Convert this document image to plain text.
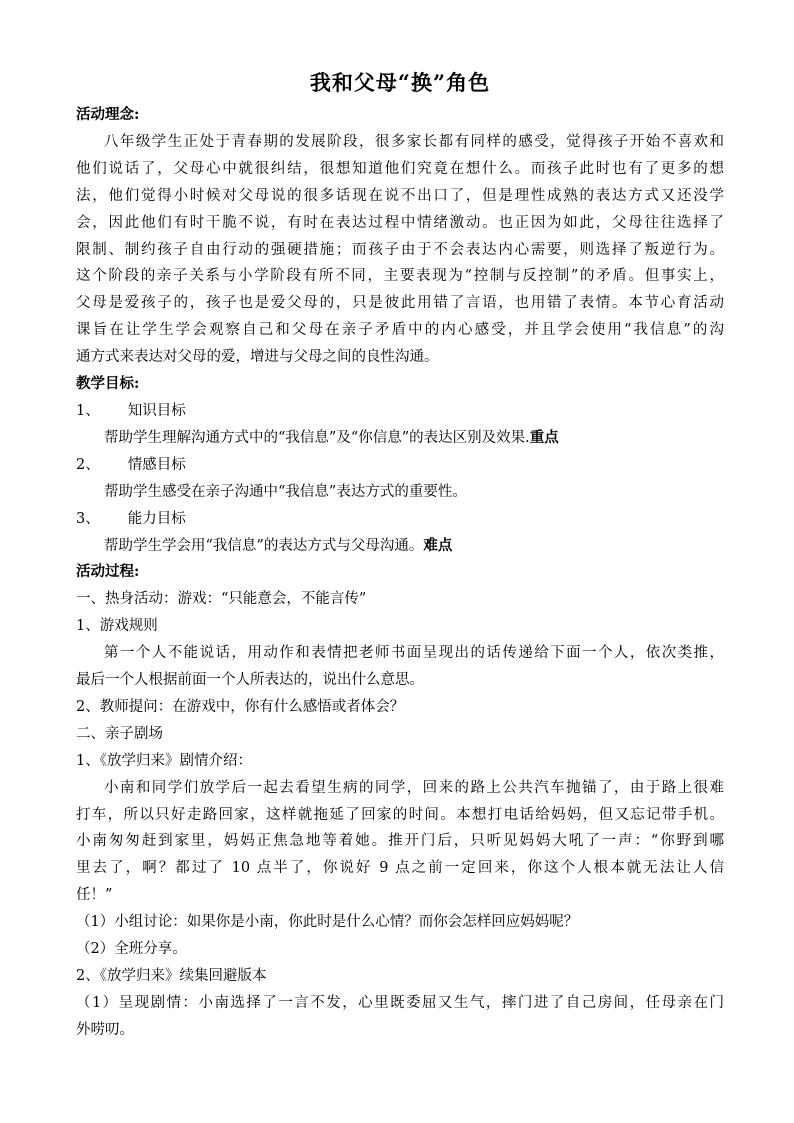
我和父母“换”角色
活动理念:
八年级学生正处于青春期的发展阶段，很多家长都有同样的感受，觉得孩子开始不喜欢和
他们说话了，父母心中就很纠结，很想知道他们究竟在想什么。而孩子此时也有了更多的想
法，他们觉得小时候对父母说的很多话现在说不出口了，但是理性成熟的表达方式又还没学
会，因此他们有时干脆不说，有时在表达过程中情绪激动。也正因为如此，父母往往选择了
限制、制约孩子自由行动的强硬措施；而孩子由于不会表达内心需要，则选择了叛逆行为。
这个阶段的亲子关系与小学阶段有所不同，主要表现为“控制与反控制”的矛盾。但事实上，
父母是爱孩子的，孩子也是爱父母的，只是彼此用错了言语，也用错了表情。本节心育活动
课旨在让学生学会观察自己和父母在亲子矛盾中的内心感受，并且学会使用“我信息”的沟
通方式来表达对父母的爱，增进与父母之间的良性沟通。
教学目标:
1、 知识目标
帮助学生理解沟通方式中的“我信息”及“你信息”的表达区别及效果.重点
2、 情感目标
帮助学生感受在亲子沟通中“我信息”表达方式的重要性。
3、 能力目标
帮助学生学会用“我信息”的表达方式与父母沟通。难点
活动过程:
一、热身活动：游戏：“只能意会，不能言传”
1、游戏规则
第一个人不能说话，用动作和表情把老师书面呈现出的话传递给下面一个人，依次类推，
最后一个人根据前面一个人所表达的，说出什么意思。
2、教师提问：在游戏中，你有什么感悟或者体会？
二、亲子剧场
1、《放学归来》剧情介绍：
小南和同学们放学后一起去看望生病的同学，回来的路上公共汽车抛锚了，由于路上很难
打车，所以只好走路回家，这样就拖延了回家的时间。本想打电话给妈妈，但又忘记带手机。
小南匆匆赶到家里，妈妈正焦急地等着她。推开门后，只听见妈妈大吼了一声：“你野到哪
里去了，啊？都过了 10 点半了，你说好 9 点之前一定回来，你这个人根本就无法让人信
任！”
（1）小组讨论：如果你是小南，你此时是什么心情？而你会怎样回应妈妈呢？
（2）全班分享。
2、《放学归来》续集回避版本
（1）呈现剧情：小南选择了一言不发，心里既委屈又生气，摔门进了自己房间，任母亲在门
外唠叨。
